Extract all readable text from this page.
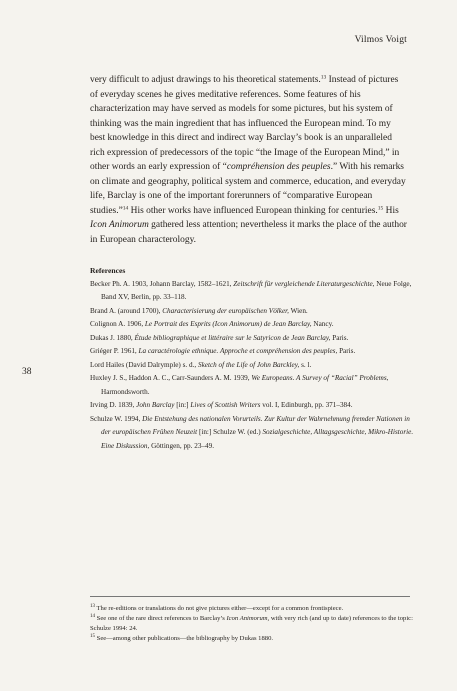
Vilmos Voigt
38

very difficult to adjust drawings to his theoretical statements.$^{13}$ Instead of pictures of everyday scenes he gives meditative references. Some features of his characterization may have served as models for some pictures, but his system of thinking was the main ingredient that has influenced the European mind. To my best knowledge in this direct and indirect way Barclay’s book is an unparalleled rich expression of predecessors of the topic “the Image of the European Mind,” in other words an early expression of “compréhension des peuples.” With his remarks on climate and geography, political system and commerce, education, and everyday life, Barclay is one of the important forerunners of “comparative European studies.”$^{14}$ His other works have influenced European thinking for centuries.$^{15}$ His Icon Animorum gathered less attention; nevertheless it marks the place of the author in European characterology.

References

Becker Ph. A. 1903, Johann Barclay, 1582–1621, Zeitschrift für vergleichende Literaturgeschichte, Neue Folge, Band XV, Berlin, pp. 33–118.

Brand A. (around 1700), Characterisierung der europäischen Völker, Wien.

Colignon A. 1906, Le Portrait des Esprits (Icon Animorum) de Jean Barclay, Nancy.

Dukas J. 1880, Étude bibliographique et littéraire sur le Satyricon de Jean Barclay, Paris.

Griéger P. 1961, La caractérologie ethnique. Approche et compréhension des peuples, Paris.

Lord Hailes (David Dalrymple) s. d., Sketch of the Life of John Barckley, s. l.

Huxley J. S., Haddon A. C., Carr-Saunders A. M. 1939, We Europeans. A Survey of “Racial” Problems, Harmondsworth.

Irving D. 1839, John Barclay [in:] Lives of Scottish Writers vol. I, Edinburgh, pp. 371–384.

Schulze W. 1994, Die Entstehung des nationalen Vorurteils. Zur Kultur der Wahrnehmung fremder Nationen in der europäischen Frühen Neuzeit [in:] Schulze W. (ed.) Sozialgeschichte, Alltagsgeschichte, Mikro-Historie. Eine Diskussion, Göttingen, pp. 23–49.

$^{13}$ The re-editions or translations do not give pictures either—except for a common frontispiece.

$^{14}$ See one of the rare direct references to Barclay’s Icon Animorum, with very rich (and up to date) references to the topic: Schulze 1994: 24.

$^{15}$ See—among other publications—the bibliography by Dukas 1880.
